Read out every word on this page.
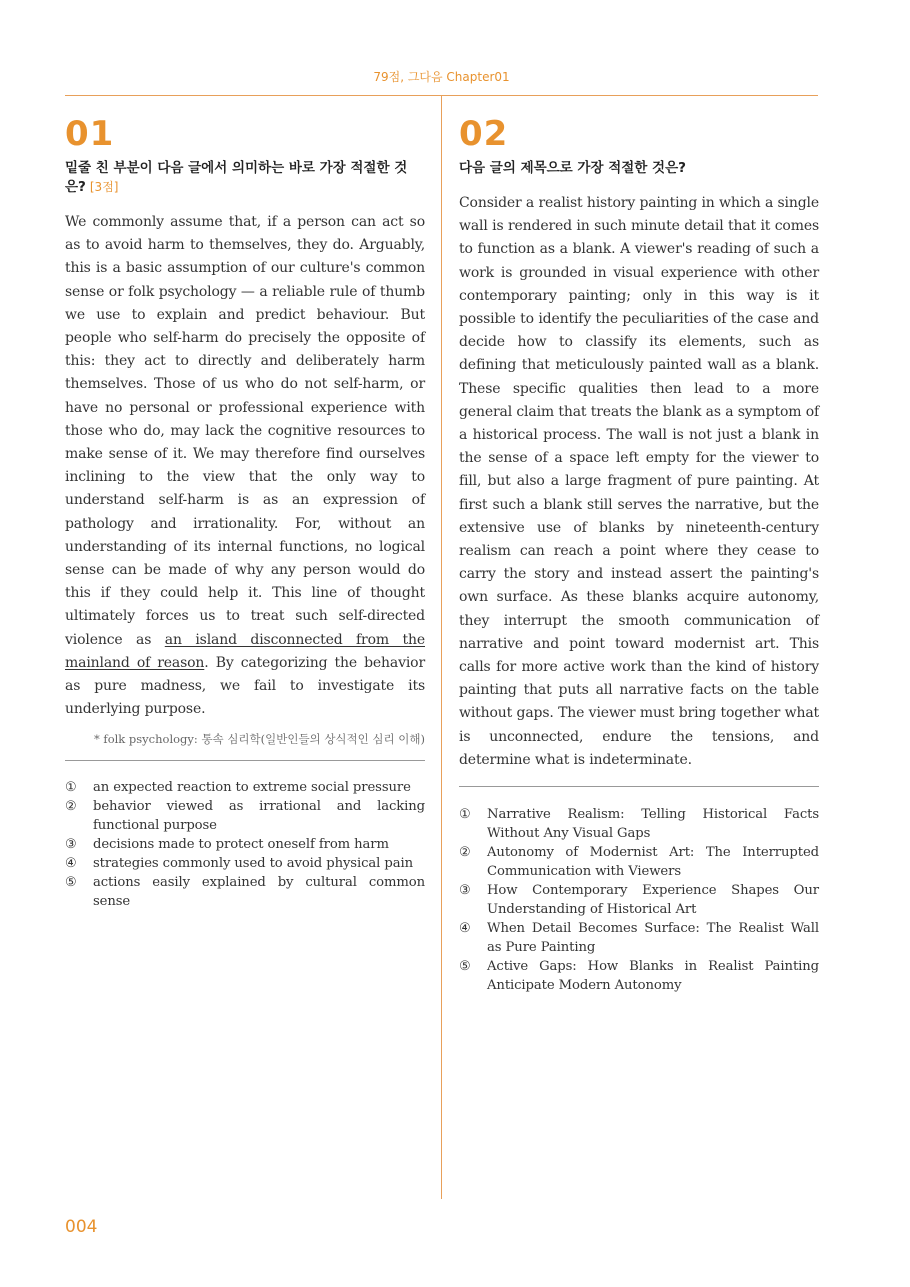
79점, 그다음 Chapter01
01
밑줄 친 부분이 다음 글에서 의미하는 바로 가장 적절한 것은? [3점]

We commonly assume that, if a person can act so as to avoid harm to themselves, they do. Arguably, this is a basic assumption of our culture's common sense or folk psychology — a reliable rule of thumb we use to explain and predict behaviour. But people who self-harm do precisely the opposite of this: they act to directly and deliberately harm themselves. Those of us who do not self-harm, or have no personal or professional experience with those who do, may lack the cognitive resources to make sense of it. We may therefore find ourselves inclining to the view that the only way to understand self-harm is as an expression of pathology and irrationality. For, without an understanding of its internal functions, no logical sense can be made of why any person would do this if they could help it. This line of thought ultimately forces us to treat such self-directed violence as an island disconnected from the mainland of reason. By categorizing the behavior as pure madness, we fail to investigate its underlying purpose.

* folk psychology: 통속 심리학(일반인들의 상식적인 심리 이해)
①	an expected reaction to extreme social pressure
②	behavior viewed as irrational and lacking functional purpose
③	decisions made to protect oneself from harm
④	strategies commonly used to avoid physical pain
⑤	actions easily explained by cultural common sense
02
다음 글의 제목으로 가장 적절한 것은?

Consider a realist history painting in which a single wall is rendered in such minute detail that it comes to function as a blank. A viewer's reading of such a work is grounded in visual experience with other contemporary painting; only in this way is it possible to identify the peculiarities of the case and decide how to classify its elements, such as defining that meticulously painted wall as a blank. These specific qualities then lead to a more general claim that treats the blank as a symptom of a historical process. The wall is not just a blank in the sense of a space left empty for the viewer to fill, but also a large fragment of pure painting. At first such a blank still serves the narrative, but the extensive use of blanks by nineteenth-century realism can reach a point where they cease to carry the story and instead assert the painting's own surface. As these blanks acquire autonomy, they interrupt the smooth communication of narrative and point toward modernist art. This calls for more active work than the kind of history painting that puts all narrative facts on the table without gaps. The viewer must bring together what is unconnected, endure the tensions, and determine what is indeterminate.

①	Narrative Realism: Telling Historical Facts Without Any Visual Gaps
②	Autonomy of Modernist Art: The Interrupted Communication with Viewers
③	How Contemporary Experience Shapes Our Understanding of Historical Art
④	When Detail Becomes Surface: The Realist Wall as Pure Painting
⑤	Active Gaps: How Blanks in Realist Painting Anticipate Modern Autonomy
004
